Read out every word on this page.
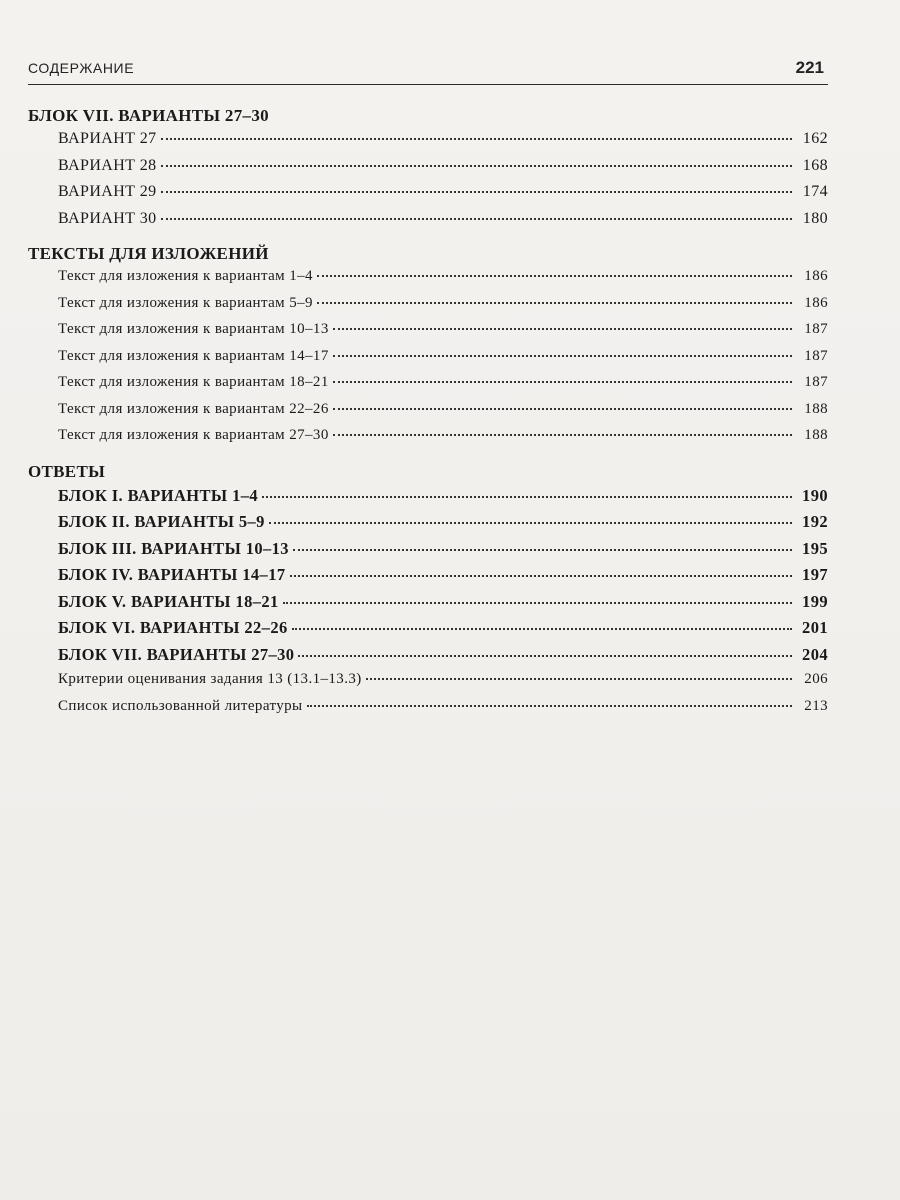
СОДЕРЖАНИЕ	221
БЛОК VII. ВАРИАНТЫ 27–30
ВАРИАНТ 27	162
ВАРИАНТ 28	168
ВАРИАНТ 29	174
ВАРИАНТ 30	180
ТЕКСТЫ ДЛЯ ИЗЛОЖЕНИЙ
Текст для изложения к вариантам 1–4	186
Текст для изложения к вариантам 5–9	186
Текст для изложения к вариантам 10–13	187
Текст для изложения к вариантам 14–17	187
Текст для изложения к вариантам 18–21	187
Текст для изложения к вариантам 22–26	188
Текст для изложения к вариантам 27–30	188
ОТВЕТЫ
БЛОК I. ВАРИАНТЫ 1–4	190
БЛОК II. ВАРИАНТЫ 5–9	192
БЛОК III. ВАРИАНТЫ 10–13	195
БЛОК IV. ВАРИАНТЫ 14–17	197
БЛОК V. ВАРИАНТЫ 18–21	199
БЛОК VI. ВАРИАНТЫ 22–26	201
БЛОК VII. ВАРИАНТЫ 27–30	204
Критерии оценивания задания 13 (13.1–13.3)	206
Список использованной литературы	213
